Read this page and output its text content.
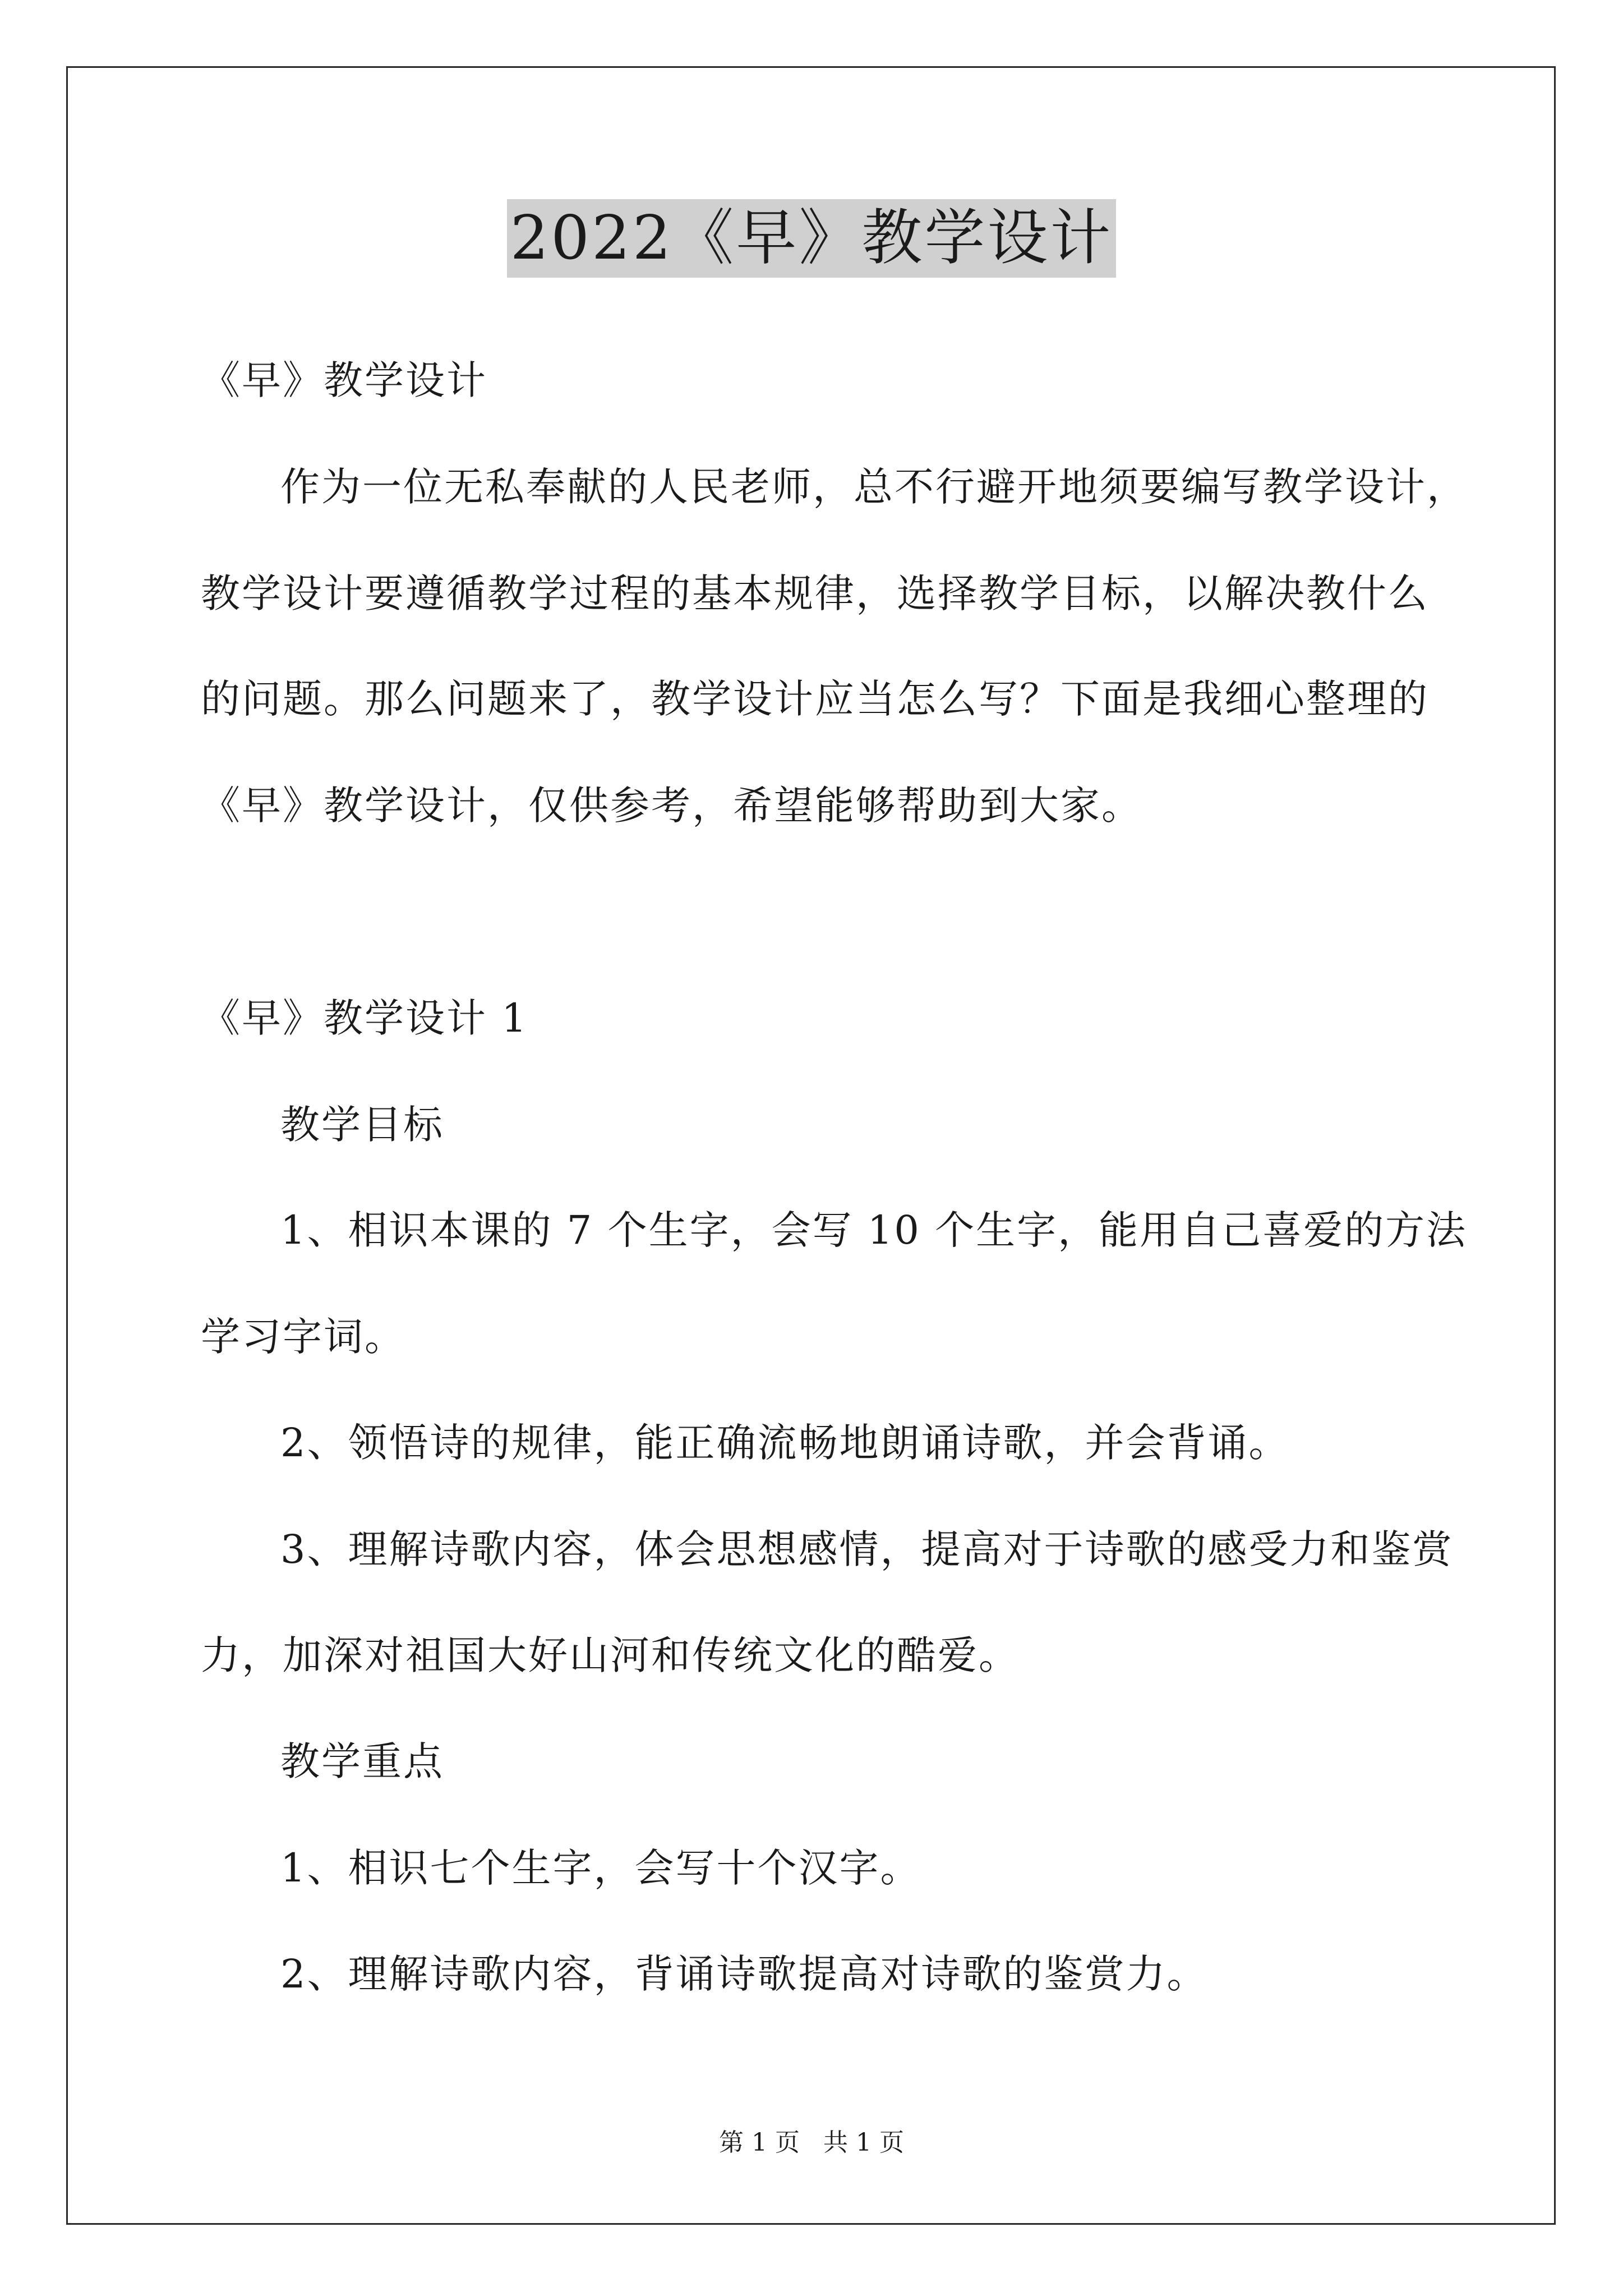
2022《早》教学设计
《早》教学设计
作为一位无私奉献的人民老师，总不行避开地须要编写教学设计，
教学设计要遵循教学过程的基本规律，选择教学目标，以解决教什么
的问题。那么问题来了，教学设计应当怎么写？下面是我细心整理的
《早》教学设计，仅供参考，希望能够帮助到大家。
《早》教学设计 1
教学目标
1、相识本课的 7 个生字，会写 10 个生字，能用自己喜爱的方法
学习字词。
2、领悟诗的规律，能正确流畅地朗诵诗歌，并会背诵。
3、理解诗歌内容，体会思想感情，提高对于诗歌的感受力和鉴赏
力，加深对祖国大好山河和传统文化的酷爱。
教学重点
1、相识七个生字，会写十个汉字。
2、理解诗歌内容，背诵诗歌提高对诗歌的鉴赏力。
第 1 页 共 1 页
